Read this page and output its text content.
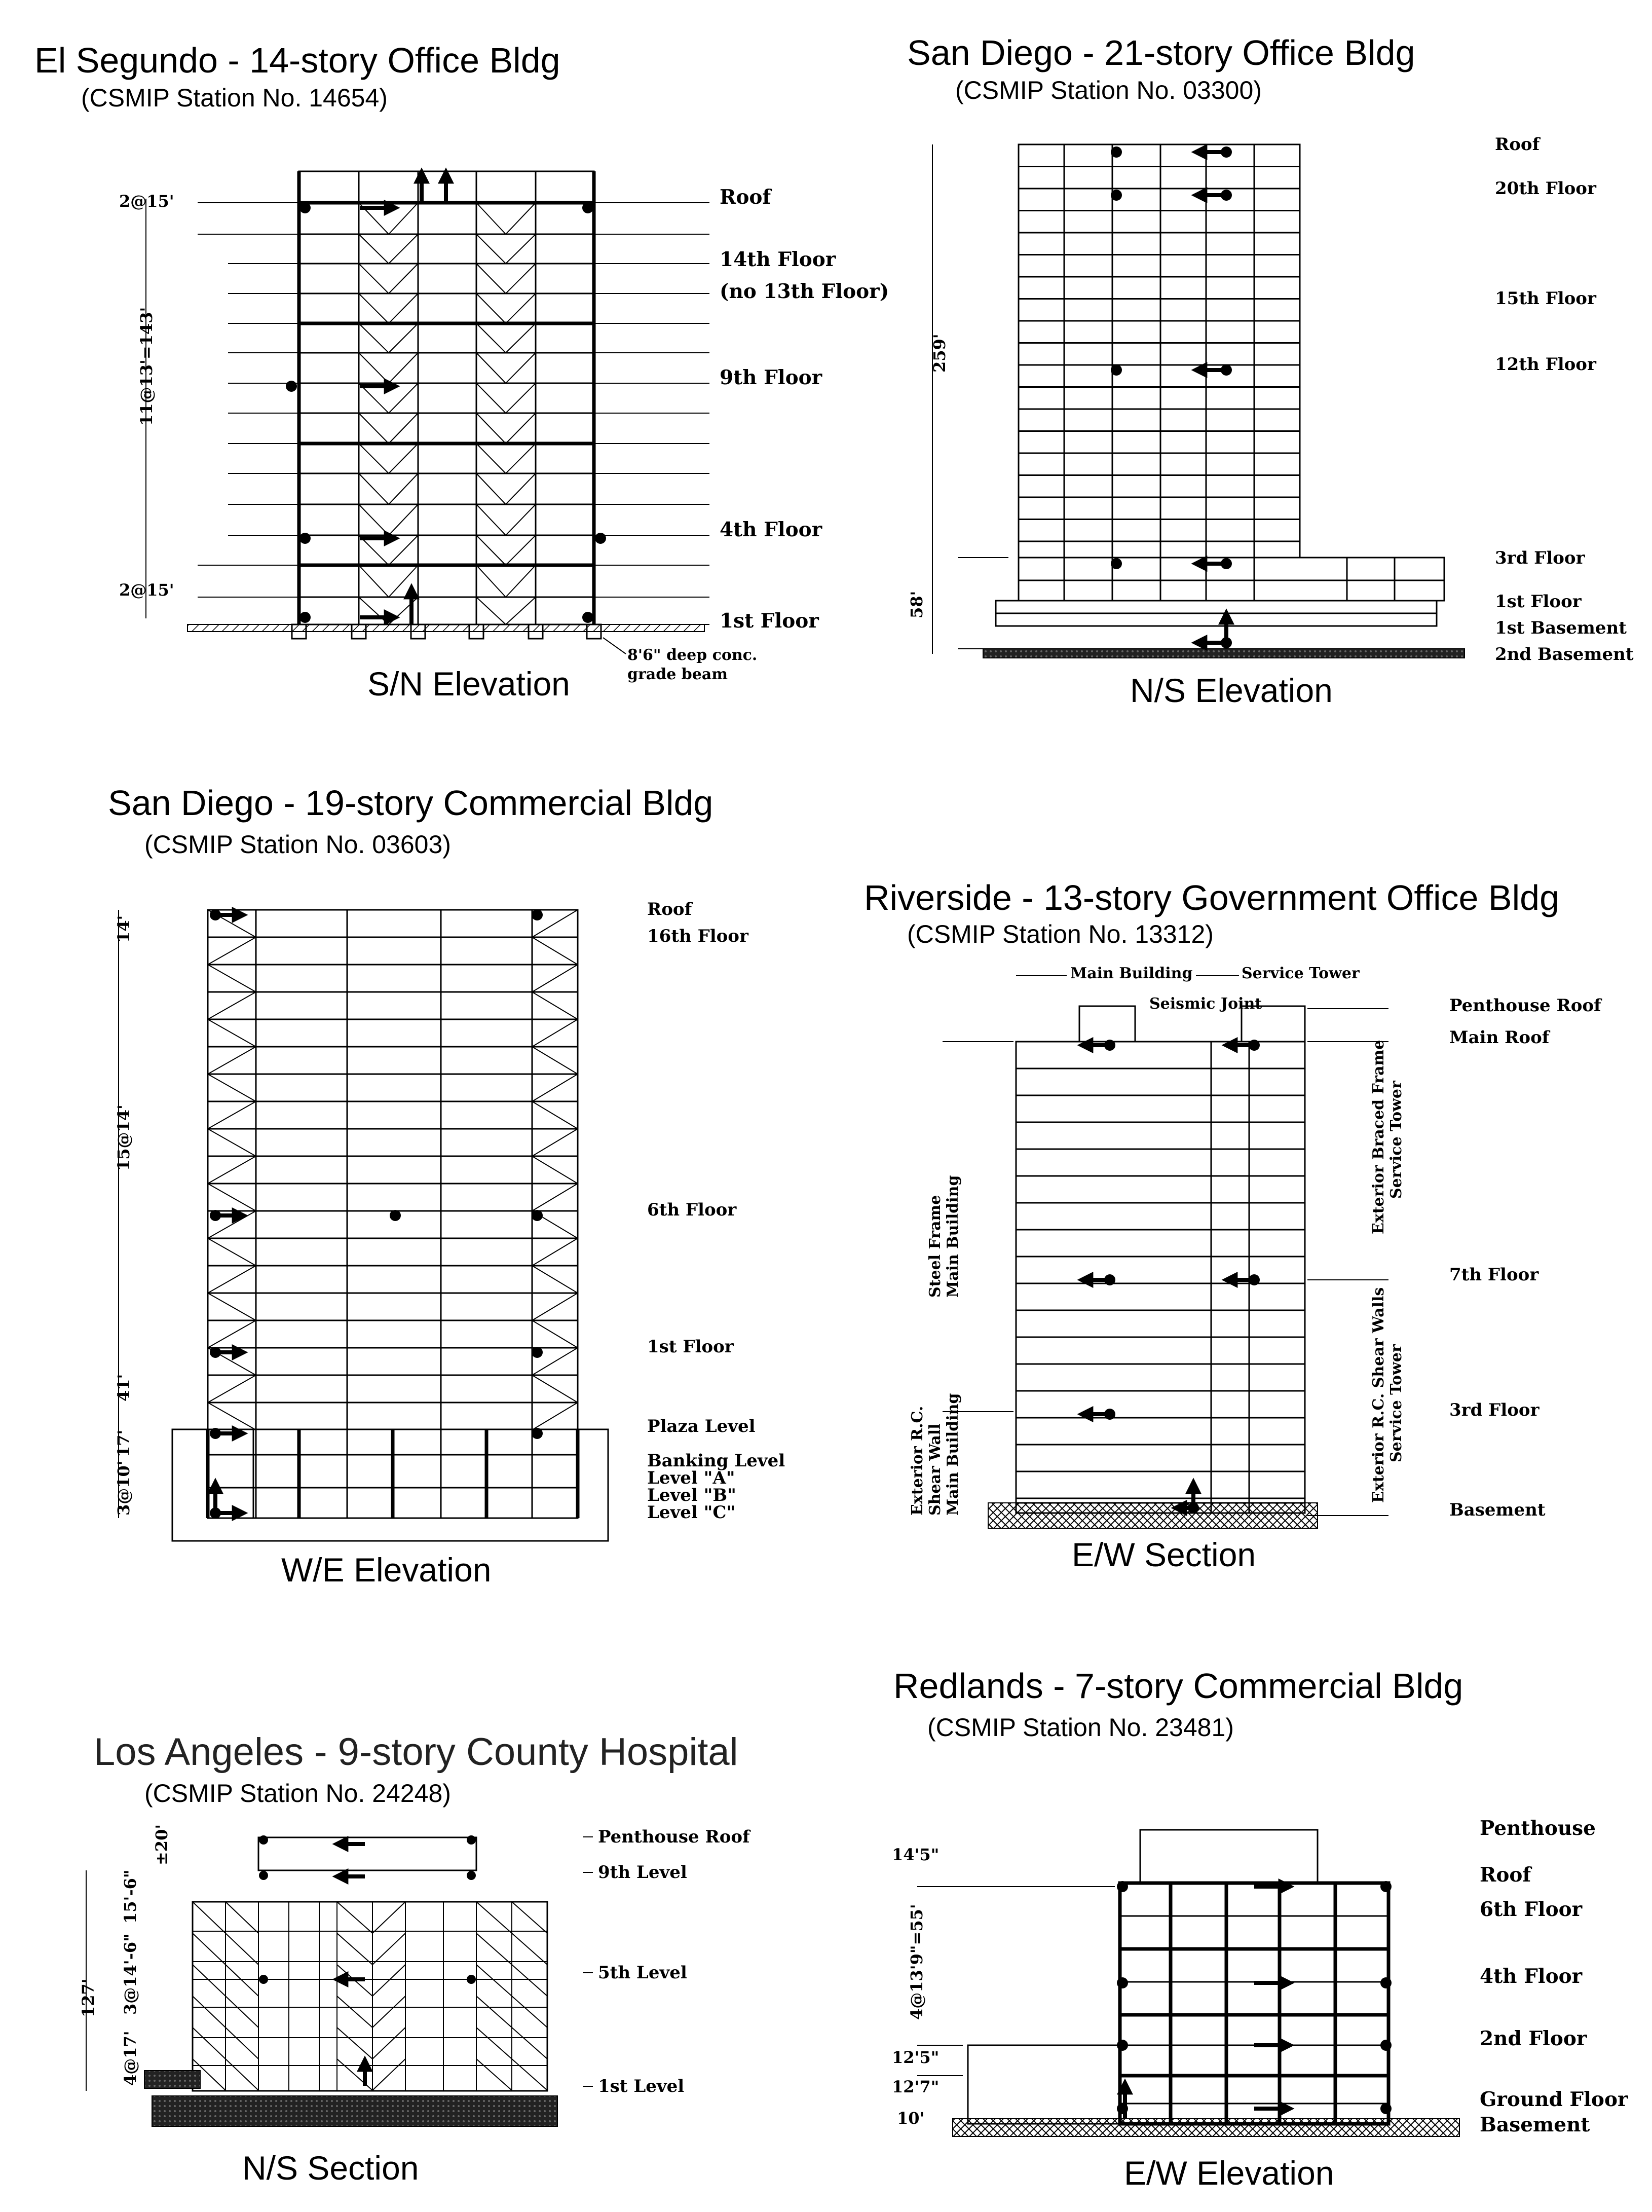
El Segundo - 14-story Office Bldg
(CSMIP Station No. 14654)
Roof
14th Floor
(no 13th Floor)
9th Floor
4th Floor
1st Floor
2@15'
11@13'=143'
2@15'
8'6" deep conc.
grade beam
S/N Elevation
San Diego - 21-story Office Bldg
(CSMIP Station No. 03300)
Roof
20th Floor
15th Floor
12th Floor
3rd Floor
1st Floor
1st Basement
2nd Basement
259'
58'
N/S Elevation
San Diego - 19-story Commercial Bldg
(CSMIP Station No. 03603)
Roof
16th Floor
6th Floor
1st Floor
Plaza Level
Banking Level
Level "A"
Level "B"
Level "C"
14'
15@14'
41'
3@10'
17'
W/E Elevation
Riverside - 13-story Government Office Bldg
(CSMIP Station No. 13312)
Penthouse Roof
Main Roof
7th Floor
3rd Floor
Basement
Main Building	Service Tower
Seismic Joint
Steel Frame Main Building
Exterior R.C. Shear Wall Main Building
Exterior Braced Frame Service Tower
Exterior R.C. Shear Walls Service Tower
E/W Section
Los Angeles - 9-story County Hospital
(CSMIP Station No. 24248)
Penthouse Roof
9th Level
5th Level
1st Level
127'
±20'
15'-6"
3@14'-6"
4@17'
N/S Section
Redlands - 7-story Commercial Bldg
(CSMIP Station No. 23481)
Penthouse
Roof
6th Floor
4th Floor
2nd Floor
Ground Floor
Basement
14'5"
4@13'9"=55'
12'5"
12'7"
10'
E/W Elevation
